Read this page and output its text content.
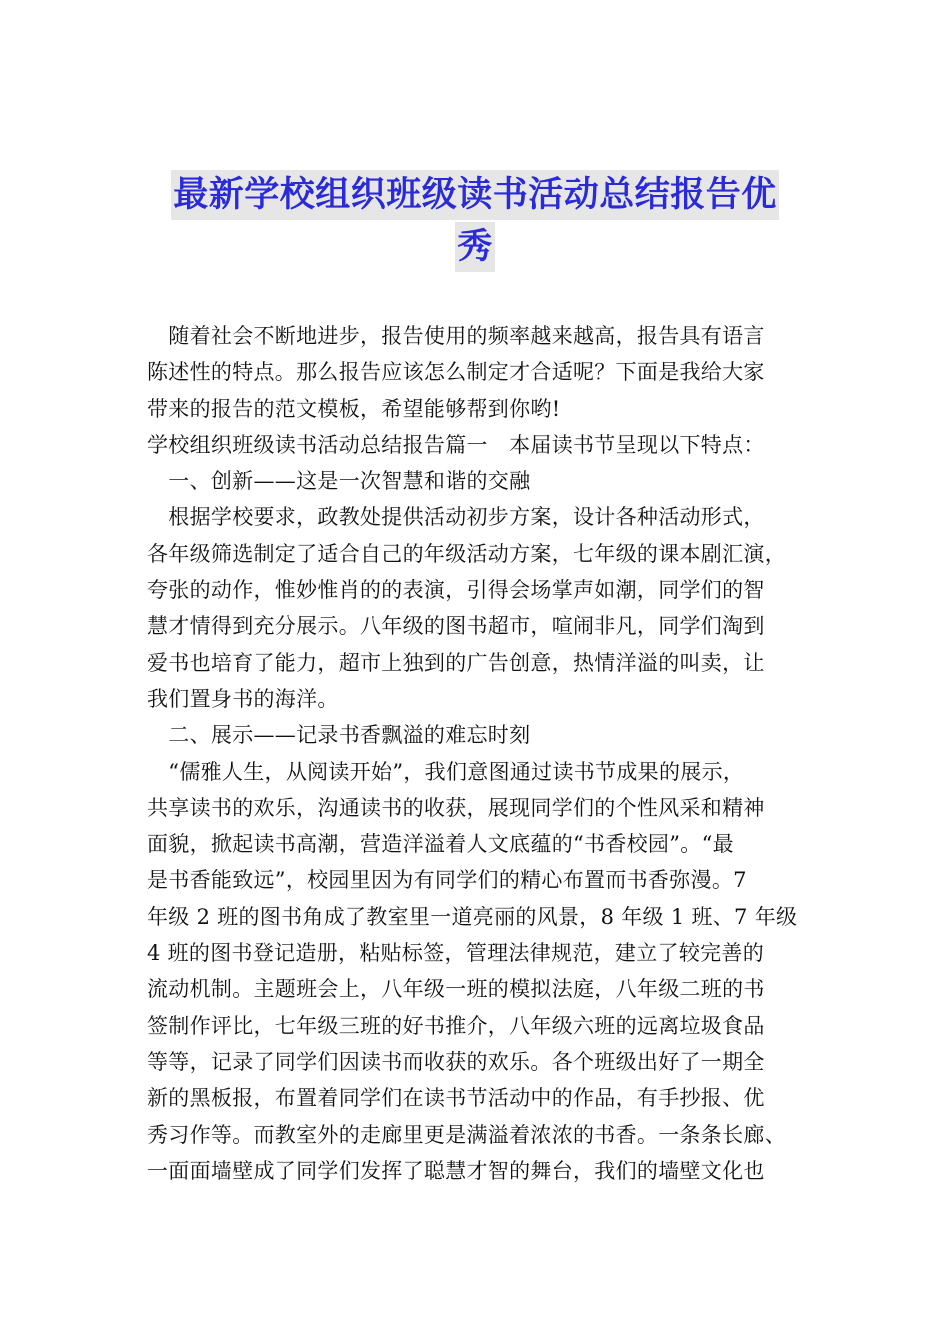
最新学校组织班级读书活动总结报告优
秀
　随着社会不断地进步，报告使用的频率越来越高，报告具有语言
陈述性的特点。那么报告应该怎么制定才合适呢？下面是我给大家
带来的报告的范文模板，希望能够帮到你哟!
学校组织班级读书活动总结报告篇一　本届读书节呈现以下特点：
　一、创新——这是一次智慧和谐的交融
　根据学校要求，政教处提供活动初步方案，设计各种活动形式，
各年级筛选制定了适合自己的年级活动方案，七年级的课本剧汇演，
夸张的动作，惟妙惟肖的的表演，引得会场掌声如潮，同学们的智
慧才情得到充分展示。八年级的图书超市，喧闹非凡，同学们淘到
爱书也培育了能力，超市上独到的广告创意，热情洋溢的叫卖，让
我们置身书的海洋。
　二、展示——记录书香飘溢的难忘时刻
　“儒雅人生，从阅读开始”，我们意图通过读书节成果的展示，
共享读书的欢乐，沟通读书的收获，展现同学们的个性风采和精神
面貌，掀起读书高潮，营造洋溢着人文底蕴的“书香校园”。“最
是书香能致远”，校园里因为有同学们的精心布置而书香弥漫。7
年级 2 班的图书角成了教室里一道亮丽的风景，8 年级 1 班、7 年级
4 班的图书登记造册，粘贴标签，管理法律规范，建立了较完善的
流动机制。主题班会上，八年级一班的模拟法庭，八年级二班的书
签制作评比，七年级三班的好书推介，八年级六班的远离垃圾食品
等等，记录了同学们因读书而收获的欢乐。各个班级出好了一期全
新的黑板报，布置着同学们在读书节活动中的作品，有手抄报、优
秀习作等。而教室外的走廊里更是满溢着浓浓的书香。一条条长廊、
一面面墙壁成了同学们发挥了聪慧才智的舞台，我们的墙壁文化也
